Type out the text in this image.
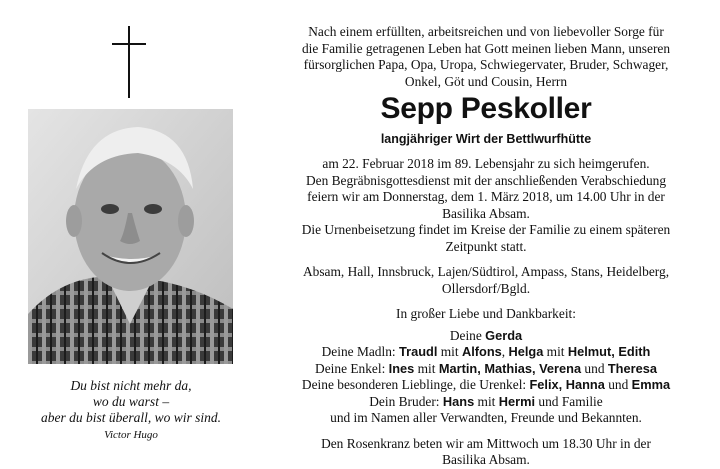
Du bist nicht mehr da,
wo du warst –
aber du bist überall, wo wir sind.
Victor Hugo

Nach einem erfüllten, arbeitsreichen und von liebevoller Sorge für

die Familie getragenen Leben hat Gott meinen lieben Mann, unseren

fürsorglichen Papa, Opa, Uropa, Schwiegervater, Bruder, Schwager,

Onkel, Göt und Cousin, Herrn

Sepp Peskoller
langjähriger Wirt der Bettlwurfhütte

am 22. Februar 2018 im 89. Lebensjahr zu sich heimgerufen.

Den Begräbnisgottesdienst mit der anschließenden Verabschiedung

feiern wir am Donnerstag, dem 1. März 2018, um 14.00 Uhr in der

Basilika Absam.

Die Urnenbeisetzung findet im Kreise der Familie zu einem späteren

Zeitpunkt statt.

Absam, Hall, Innsbruck, Lajen/Südtirol, Ampass, Stans, Heidelberg,

Ollersdorf/Bgld.

In großer Liebe und Dankbarkeit:

Deine Gerda

Deine Madln: Traudl mit Alfons, Helga mit Helmut, Edith

Deine Enkel: Ines mit Martin, Mathias, Verena und Theresa

Deine besonderen Lieblinge, die Urenkel: Felix, Hanna und Emma

Dein Bruder: Hans mit Hermi und Familie

und im Namen aller Verwandten, Freunde und Bekannten.

Den Rosenkranz beten wir am Mittwoch um 18.30 Uhr in der

Basilika Absam.
